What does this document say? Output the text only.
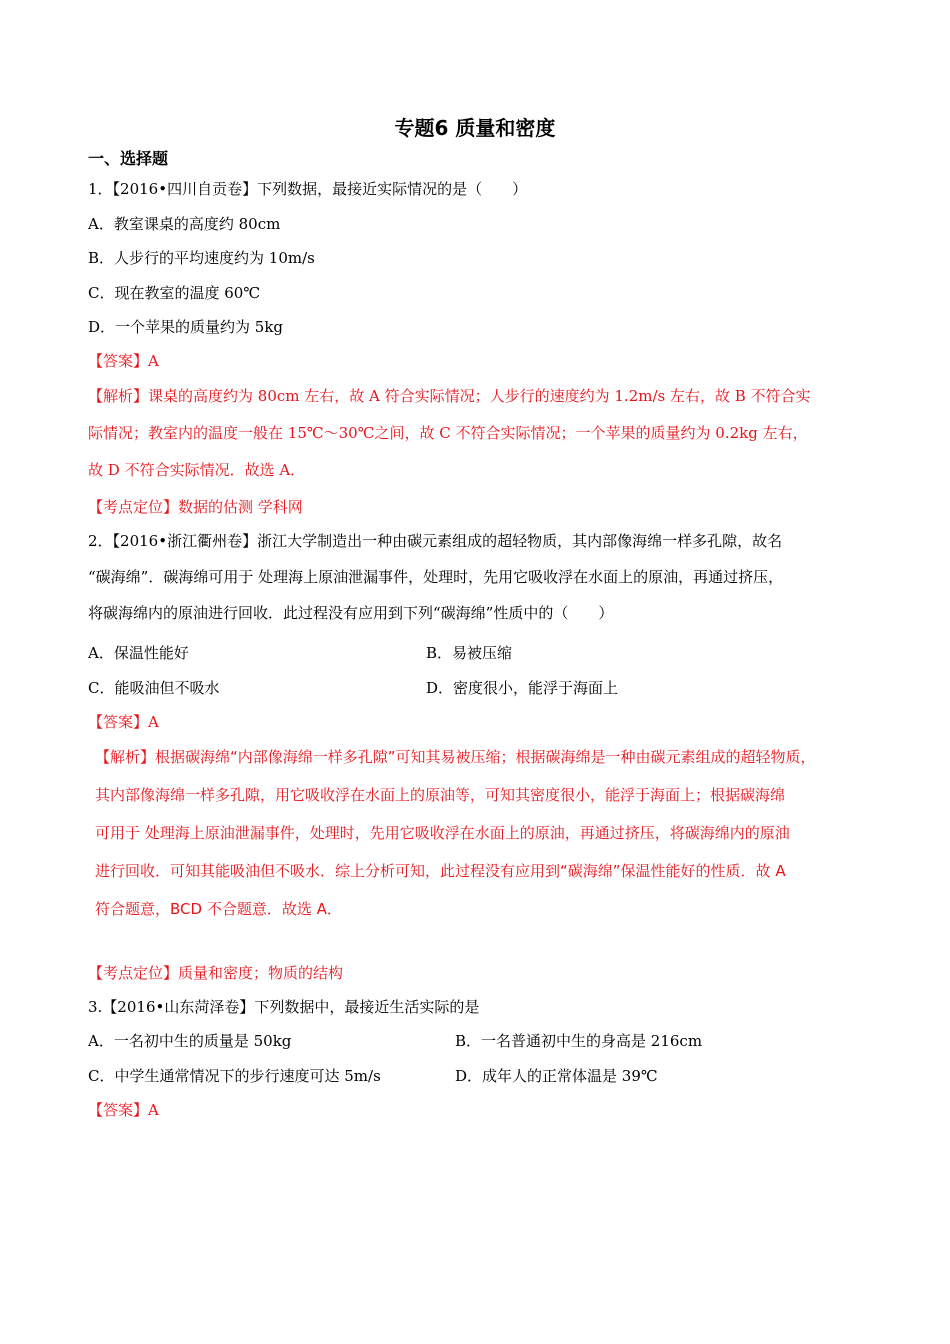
专题6 质量和密度
一、选择题
1．【2016•四川自贡卷】下列数据，最接近实际情况的是（　　）
A．教室课桌的高度约 80cm
B．人步行的平均速度约为 10m/s
C．现在教室的温度 60℃
D．一个苹果的质量约为 5kg
【答案】A
【解析】课桌的高度约为 80cm 左右，故 A 符合实际情况；人步行的速度约为 1.2m/s 左右，故 B 不符合实
际情况；教室内的温度一般在 15℃～30℃之间，故 C 不符合实际情况；一个苹果的质量约为 0.2kg 左右，
故 D 不符合实际情况．故选 A．
【考点定位】数据的估测 学科网
2．【2016•浙江衢州卷】浙江大学制造出一种由碳元素组成的超轻物质，其内部像海绵一样多孔隙，故名
“碳海绵”．碳海绵可用于 处理海上原油泄漏事件，处理时，先用它吸收浮在水面上的原油，再通过挤压，
将碳海绵内的原油进行回收．此过程没有应用到下列“碳海绵”性质中的（　　）
A．保温性能好	B．易被压缩
C．能吸油但不吸水	D．密度很小，能浮于海面上
【答案】A
【解析】根据碳海绵“内部像海绵一样多孔隙”可知其易被压缩；根据碳海绵是一种由碳元素组成的超轻物质，
其内部像海绵一样多孔隙，用它吸收浮在水面上的原油等，可知其密度很小，能浮于海面上；根据碳海绵
可用于 处理海上原油泄漏事件，处理时，先用它吸收浮在水面上的原油，再通过挤压，将碳海绵内的原油
进行回收．可知其能吸油但不吸水．综上分析可知，此过程没有应用到“碳海绵”保温性能好的性质．故 A
符合题意，BCD 不合题意．故选 A．
【考点定位】质量和密度；物质的结构
3.【2016•山东菏泽卷】下列数据中，最接近生活实际的是
A．一名初中生的质量是 50kg	B．一名普通初中生的身高是 216cm
C．中学生通常情况下的步行速度可达 5m/s	D．成年人的正常体温是 39℃
【答案】A
